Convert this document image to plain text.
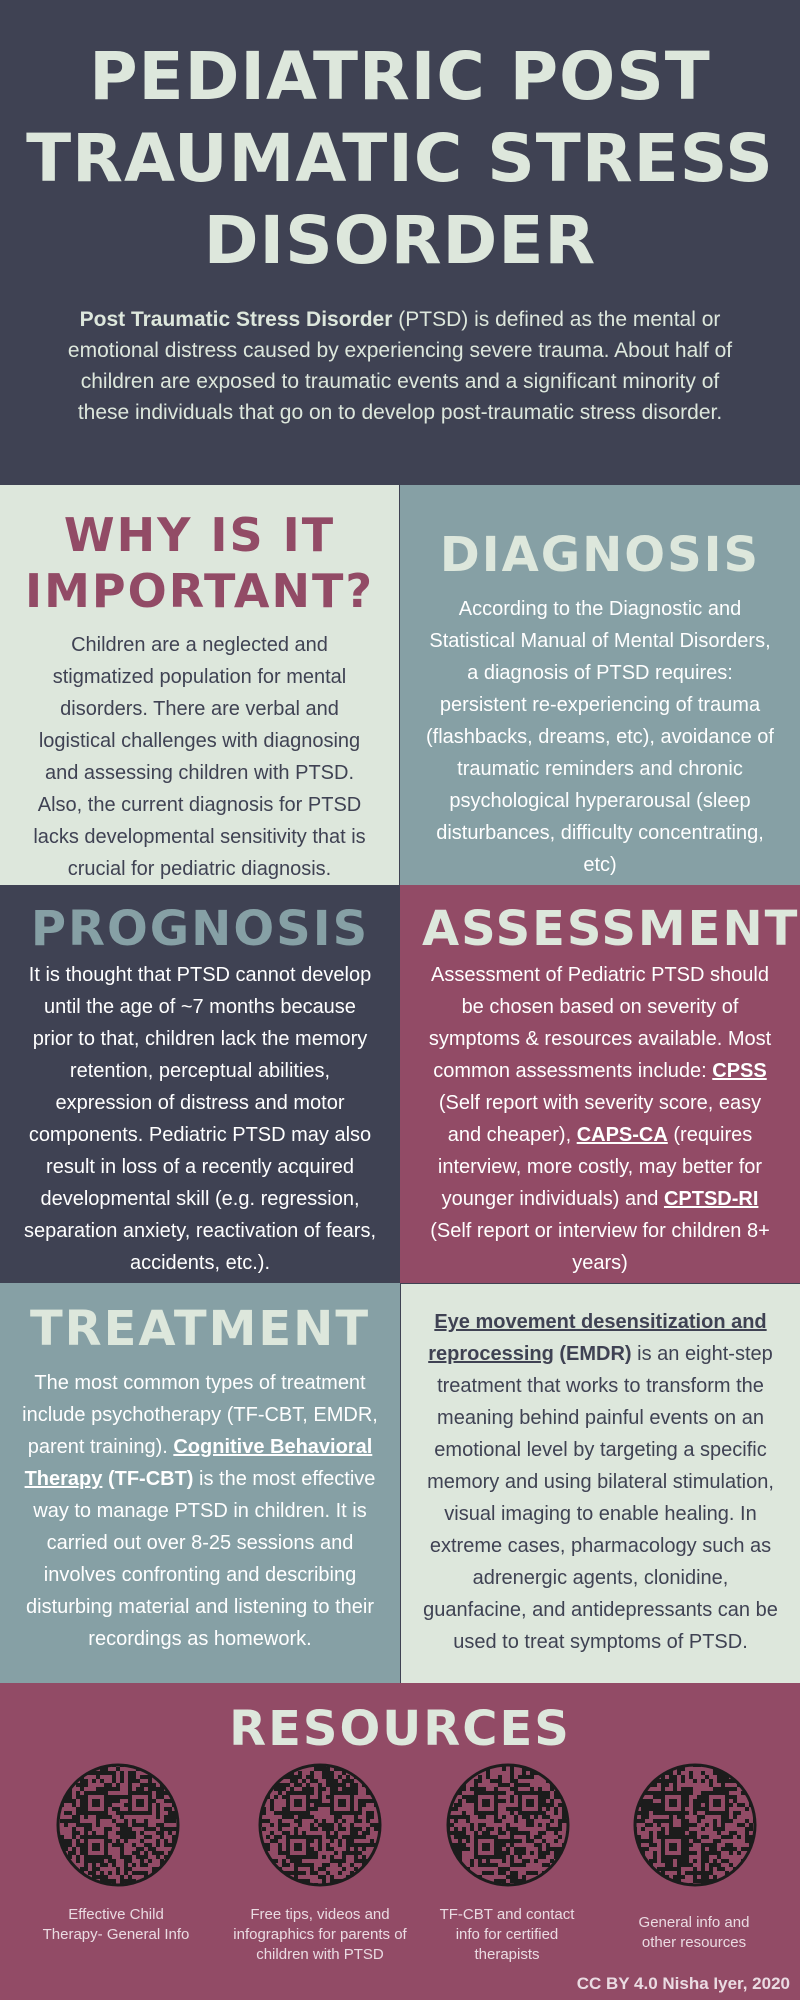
PEDIATRIC POST
TRAUMATIC STRESS
DISORDER

Post Traumatic Stress Disorder (PTSD) is defined as the mental or emotional distress caused by experiencing severe trauma. About half of children are exposed to traumatic events and a significant minority of these individuals that go on to develop post-traumatic stress disorder.

WHY IS IT
IMPORTANT?

Children are a neglected and stigmatized population for mental disorders. There are verbal and logistical challenges with diagnosing and assessing children with PTSD. Also, the current diagnosis for PTSD lacks developmental sensitivity that is crucial for pediatric diagnosis.

DIAGNOSIS

According to the Diagnostic and Statistical Manual of Mental Disorders, a diagnosis of PTSD requires: persistent re-experiencing of trauma (flashbacks, dreams, etc), avoidance of traumatic reminders and chronic psychological hyperarousal (sleep disturbances, difficulty concentrating, etc)

PROGNOSIS

It is thought that PTSD cannot develop until the age of ~7 months because prior to that, children lack the memory retention, perceptual abilities, expression of distress and motor components. Pediatric PTSD may also result in loss of a recently acquired developmental skill (e.g. regression, separation anxiety, reactivation of fears, accidents, etc.).

ASSESSMENT

Assessment of Pediatric PTSD should be chosen based on severity of symptoms & resources available. Most common assessments include: CPSS (Self report with severity score, easy and cheaper), CAPS-CA (requires interview, more costly, may better for younger individuals) and CPTSD-RI (Self report or interview for children 8+ years)

TREATMENT

The most common types of treatment include psychotherapy (TF-CBT, EMDR, parent training). Cognitive Behavioral Therapy (TF-CBT) is the most effective way to manage PTSD in children. It is carried out over 8-25 sessions and involves confronting and describing disturbing material and listening to their recordings as homework.

Eye movement desensitization and reprocessing (EMDR) is an eight-step treatment that works to transform the meaning behind painful events on an emotional level by targeting a specific memory and using bilateral stimulation, visual imaging to enable healing. In extreme cases, pharmacology such as adrenergic agents, clonidine, guanfacine, and antidepressants can be used to treat symptoms of PTSD.

RESOURCES
Effective Child Therapy- General Info
Free tips, videos and infographics for parents of children with PTSD
TF-CBT and contact info for certified therapists
General info and other resources
CC BY 4.0 Nisha Iyer, 2020
